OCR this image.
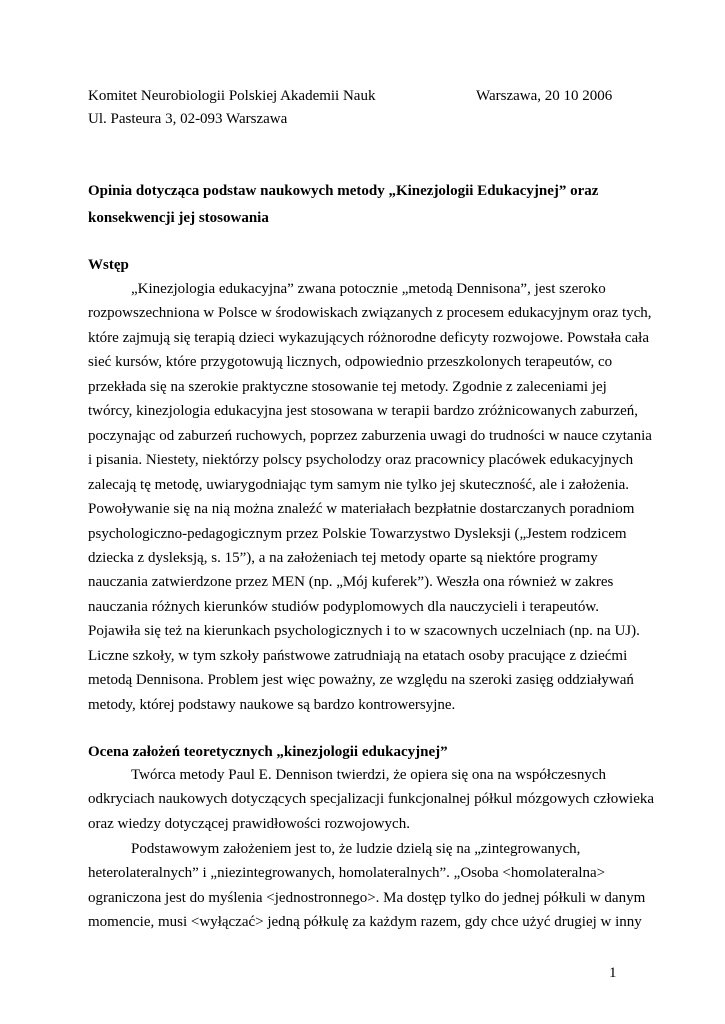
Komitet Neurobiologii Polskiej Akademii Nauk	Warszawa, 20 10 2006
Ul. Pasteura 3, 02-093 Warszawa
Opinia dotycząca podstaw naukowych metody „Kinezjologii Edukacyjnej” oraz
konsekwencji jej stosowania
Wstęp
„Kinezjologia edukacyjna” zwana potocznie „metodą Dennisona”, jest szeroko
rozpowszechniona w Polsce w środowiskach związanych z procesem edukacyjnym oraz tych,
które zajmują się terapią dzieci wykazujących różnorodne deficyty rozwojowe. Powstała cała
sieć kursów, które przygotowują licznych, odpowiednio przeszkolonych terapeutów, co
przekłada się na szerokie praktyczne stosowanie tej metody. Zgodnie z zaleceniami jej
twórcy, kinezjologia edukacyjna jest stosowana w terapii bardzo zróżnicowanych zaburzeń,
poczynając od zaburzeń ruchowych, poprzez zaburzenia uwagi do trudności w nauce czytania
i pisania. Niestety, niektórzy polscy psycholodzy oraz pracownicy placówek edukacyjnych
zalecają tę metodę, uwiarygodniając tym samym nie tylko jej skuteczność, ale i założenia.
Powoływanie się na nią można znaleźć w materiałach bezpłatnie dostarczanych poradniom
psychologiczno-pedagogicznym przez Polskie Towarzystwo Dysleksji („Jestem rodzicem
dziecka z dysleksją, s. 15”), a na założeniach tej metody oparte są niektóre programy
nauczania zatwierdzone przez MEN (np. „Mój kuferek”). Weszła ona również w zakres
nauczania różnych kierunków studiów podyplomowych dla nauczycieli i terapeutów.
Pojawiła się też na kierunkach psychologicznych i to w szacownych uczelniach (np. na UJ).
Liczne szkoły, w tym szkoły państwowe zatrudniają na etatach osoby pracujące z dziećmi
metodą Dennisona. Problem jest więc poważny, ze względu na szeroki zasięg oddziaływań
metody, której podstawy naukowe są bardzo kontrowersyjne.
Ocena założeń teoretycznych „kinezjologii edukacyjnej”
Twórca metody Paul E. Dennison twierdzi, że opiera się ona na współczesnych
odkryciach naukowych dotyczących specjalizacji funkcjonalnej półkul mózgowych człowieka
oraz wiedzy dotyczącej prawidłowości rozwojowych.
Podstawowym założeniem jest to, że ludzie dzielą się na „zintegrowanych,
heterolateralnych” i „niezintegrowanych, homolateralnych”. „Osoba <homolateralna>
ograniczona jest do myślenia <jednostronnego>. Ma dostęp tylko do jednej półkuli w danym
momencie, musi <wyłączać> jedną półkulę za każdym razem, gdy chce użyć drugiej w inny
1
